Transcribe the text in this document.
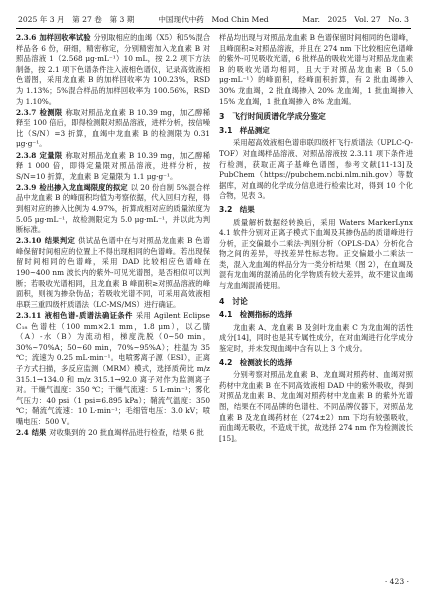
2025 年 3 月　第 27 卷　第 3 期	中国现代中药　Mod Chin Med	Mar.　2025　Vol. 27　No. 3
2.3.6 加样回收率试验 分别取相应的血竭（X5）和5%混合样品各 6 份，研细，精密称定，分别精密加入龙血素 B 对照品溶液 1（2.568 μg·mL⁻¹）10 mL，按 2.2 项下方法制备，按 2.1 项下色谱条件注入液相色谱仪，记录高效液相色谱图，采用龙血素 B 的加样回收率为 100.23%，RSD 为 1.13%；5%混合样品的加样回收率为 100.56%，RSD 为 1.10%。
2.3.7 检测限 称取对照品龙血素 B 10.39 mg，加乙醇稀释至 100 倍后，即得检测限对照品溶液，进样分析，按信噪比（S/N）=3 折算，血竭中龙血素 B 的检测限为 0.31 μg·g⁻¹。
2.3.8 定量限 称取对照品龙血素 B 10.39 mg，加乙醇稀释 1 000 倍，即得定量限对照品溶液，进样分析，按 S/N=10 折算，龙血素 B 定量限为 1.1 μg·g⁻¹。
2.3.9 检出掺入龙血竭限度的拟定 以 20 份自制 5%混合样品中龙血素 B 的峰面积均值为考察依据，代入回归方程，得到相对应的掺入比例为 4.97%，折算成相对应的质量浓度为 5.05 μg·mL⁻¹，故检测限定为 5.0 μg·mL⁻¹，并以此为判断标准。
2.3.10 结果判定 供试品色谱中在与对照品龙血素 B 色谱峰保留时间相应的位置上不得出现相同的色谱峰。若出现保留时间相同的色谱峰，采用 DAD 比较相应色谱峰在 190~400 nm 波长内的紫外-可见光谱图，是否相似可以判断；若吸收光谱相同，且龙血素 B 峰面积≥对照品溶液的峰面积，则视为掺杂伪品；若吸收光谱不同，可采用高效液相串联三重四级杆质谱法（LC-MS/MS）进行确证。
2.3.11 液相色谱-质谱法确证条件 采用 Agilent Eclipse C₁₈ 色谱柱（100 mm×2.1 mm，1.8 μm），以乙腈（A）-水（B）为流动相，梯度洗脱（0~50 min，30%~70%A；50~60 min，70%~95%A）；柱温为 35 ℃；流速为 0.25 mL·min⁻¹。电喷雾离子源（ESI），正离子方式扫描，多反应监测（MRM）模式，选择质荷比 m/z 315.1→134.0 和 m/z 315.1→92.0 离子对作为监测离子对。干燥气温度：350 ℃；干燥气流速：5 L·min⁻¹；雾化气压力：40 psi（1 psi=6.895 kPa）；鞘流气温度：350 ℃；鞘流气流速：10 L·min⁻¹；毛细管电压：3.0 kV；喷嘴电压：500 V。
2.4 结果 对收集到的 20 批血竭样品进行检查，结果 6 批
样品均出现与对照品龙血素 B 色谱保留时间相同的色谱峰，且峰面积≥对照品溶液，并且在 274 nm 下比较相应色谱峰的紫外-可见吸收光谱，6 批样品的吸收光谱与对照品龙血素 B 的吸收光谱均相同，且大于对照品龙血素 B（5.0 μg·mL⁻¹）的峰面积，经峰面积折算，有 2 批血竭掺入 30% 龙血竭，2 批血竭掺入 20% 龙血竭，1 批血竭掺入 15% 龙血竭，1 批血竭掺入 8% 龙血竭。
3　飞行时间质谱化学成分鉴定
3.1　样品测定
采用超高效液相色谱串联四级杆飞行质谱法（UPLC-Q-TOF）对血竭样品溶液、对照品溶液按 2.3.11 项下条件进行检测，获取正离子基峰色谱图，参考文献[11-13]及 PubChem（https://pubchem.ncbi.nlm.nih.gov）等数据库，对血竭的化学成分信息进行检索比对，得到 10 个化合物，见表 3。
3.2　结果
质量解析数据经转换后，采用 Waters MarkerLynx 4.1 软件分别对正离子模式下血竭及其掺伪品的质谱峰进行分析，正交偏最小二乘法-判别分析（OPLS-DA）分析化合物之间的差异，寻找差异性标志物。正交偏最小二乘法一类，混入龙血竭的样品分为一类分析结果（图 2），在血竭及混有龙血竭的混淆品的化学物质有较大差异，故不建议血竭与龙血竭混淆使用。
4　讨论
4.1　检测指标的选择
龙血素 A、龙血素 B 及剑叶龙血素 C 为龙血竭的活性成分[14]，同时也是其专属性成分，在对血竭进行化学成分鉴定时，并未发现血竭中含有以上 3 个成分。
4.2　检测波长的选择
分别考察对照品龙血素 B、龙血竭对照药材、血竭对照药材中龙血素 B 在不同高效液相 DAD 中的紫外吸收，得到对照品龙血素 B、龙血竭对照药材中龙血素 B 的紫外光谱图，结果在不同品牌的色谱柱、不同品牌仪器下，对照品龙血素 B 及龙血竭药材在（274±2）nm 下均有较强吸收，而血竭无吸收，不造成干扰，故选择 274 nm 作为检测波长[15]。
· 423 ·
